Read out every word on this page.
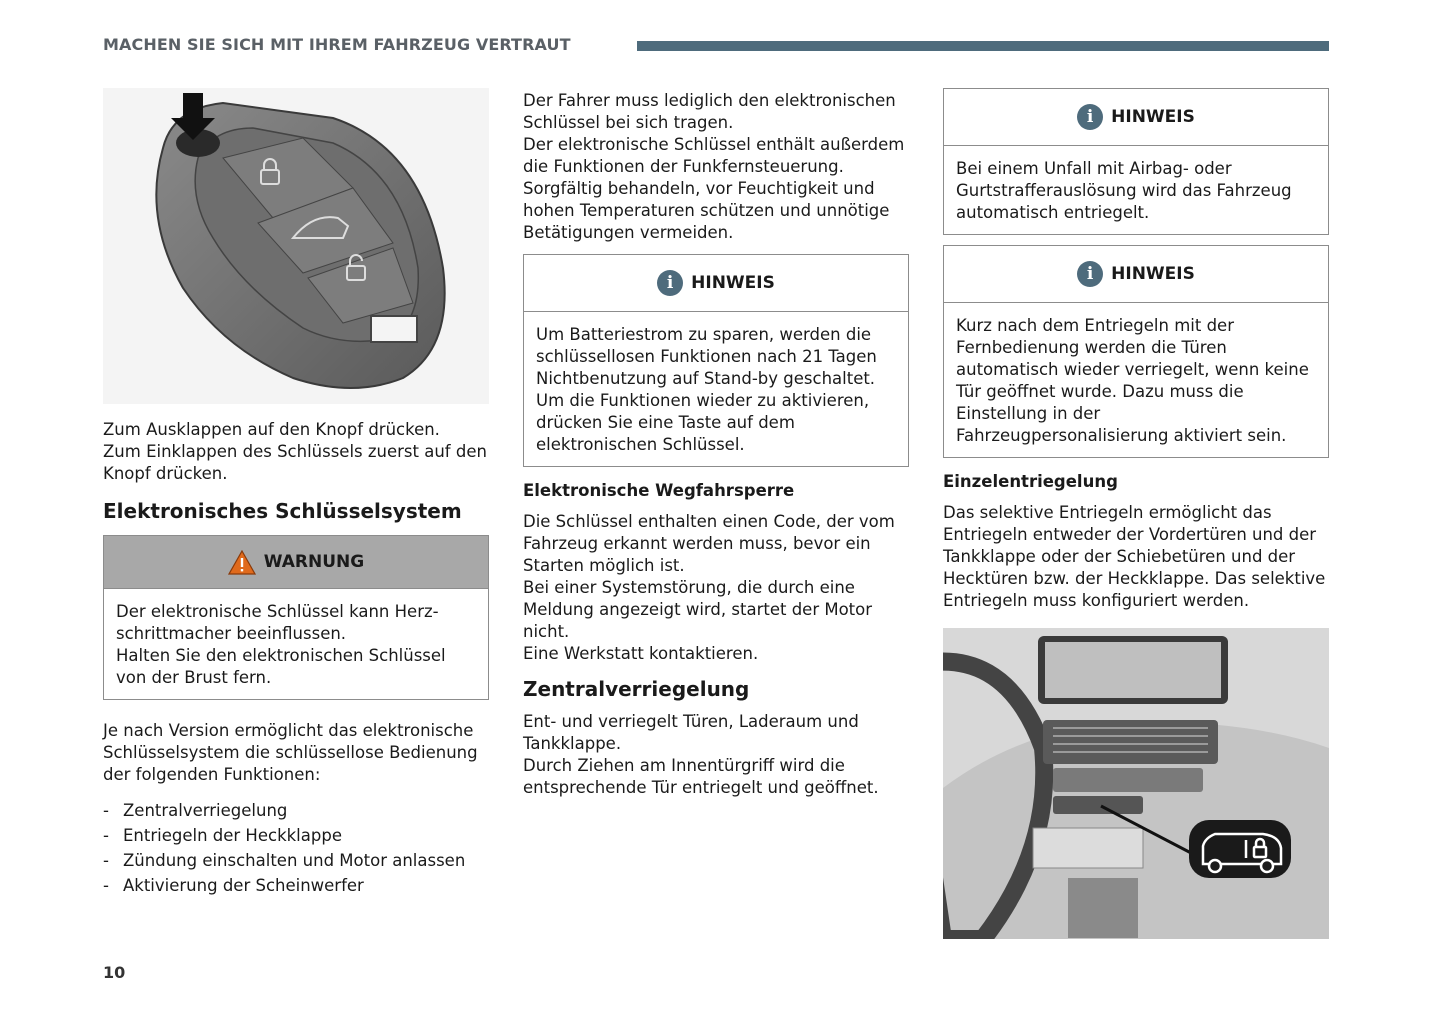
MACHEN SIE SICH MIT IHREM FAHRZEUG VERTRAUT

Zum Ausklappen auf den Knopf drücken.

Zum Einklappen des Schlüssels zuerst auf den Knopf drücken.

Elektronisches Schlüsselsystem
WARNUNG

Der elektronische Schlüssel kann Herzschrittmacher beeinflussen.

Halten Sie den elektronischen Schlüssel von der Brust fern.

Je nach Version ermöglicht das elektronische Schlüsselsystem die schlüssellose Bedienung der folgenden Funktionen:

- Zentralverriegelung
- Entriegeln der Heckklappe
- Zündung einschalten und Motor anlassen
- Aktivierung der Scheinwerfer

Der Fahrer muss lediglich den elektronischen Schlüssel bei sich tragen.

Der elektronische Schlüssel enthält außerdem die Funktionen der Funkfernsteuerung.

Sorgfältig behandeln, vor Feuchtigkeit und hohen Temperaturen schützen und unnötige Betätigungen vermeiden.

i	HINWEIS

Um Batteriestrom zu sparen, werden die schlüssellosen Funktionen nach 21 Tagen Nichtbenutzung auf Stand-by geschaltet.

Um die Funktionen wieder zu aktivieren, drücken Sie eine Taste auf dem elektronischen Schlüssel.

Elektronische Wegfahrsperre

Die Schlüssel enthalten einen Code, der vom Fahrzeug erkannt werden muss, bevor ein Starten möglich ist.

Bei einer Systemstörung, die durch eine Meldung angezeigt wird, startet der Motor nicht.

Eine Werkstatt kontaktieren.

Zentralverriegelung

Ent- und verriegelt Türen, Laderaum und Tankklappe.

Durch Ziehen am Innentürgriff wird die entsprechende Tür entriegelt und geöffnet.

i	HINWEIS

Bei einem Unfall mit Airbag- oder Gurtstrafferauslösung wird das Fahrzeug automatisch entriegelt.

i	HINWEIS

Kurz nach dem Entriegeln mit der Fernbedienung werden die Türen automatisch wieder verriegelt, wenn keine Tür geöffnet wurde. Dazu muss die Einstellung in der Fahrzeugpersonalisierung aktiviert sein.

Einzelentriegelung

Das selektive Entriegeln ermöglicht das Entriegeln entweder der Vordertüren und der Tankklappe oder der Schiebetüren und der Hecktüren bzw. der Heckklappe. Das selektive Entriegeln muss konfiguriert werden.

10
